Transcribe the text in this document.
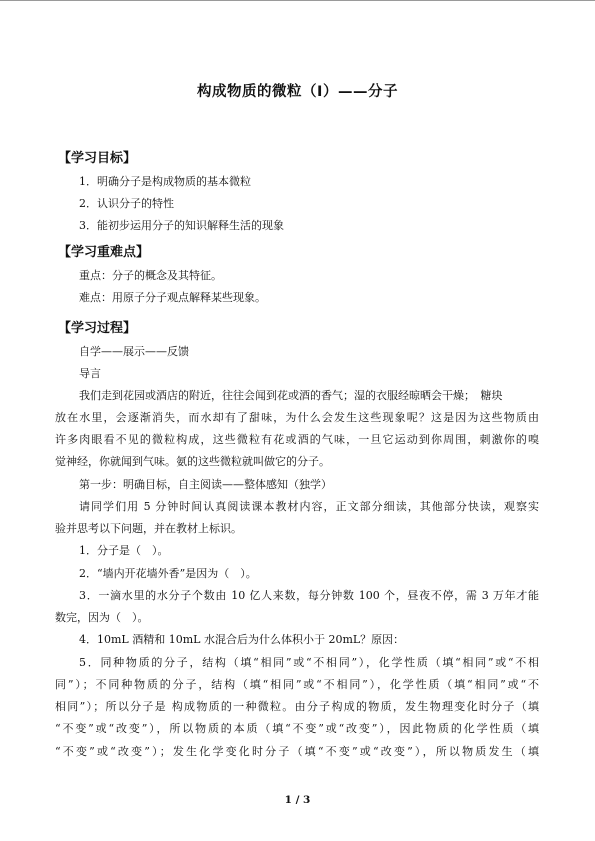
构成物质的微粒（Ⅰ）——分子
【学习目标】
1．明确分子是构成物质的基本微粒
2．认识分子的特性
3．能初步运用分子的知识解释生活的现象
【学习重难点】
重点：分子的概念及其特征。
难点：用原子分子观点解释某些现象。
【学习过程】
自学——展示——反馈
导言
我们走到花园或酒店的附近，往往会闻到花或酒的香气；湿的衣服经晾晒会干燥；　糖块
放在水里，会逐渐消失，而水却有了甜味，为什么会发生这些现象呢？这是因为这些物质由
许多肉眼看不见的微粒构成，这些微粒有花或酒的气味，一旦它运动到你周围，刺激你的嗅
觉神经，你就闻到气味。氨的这些微粒就叫做它的分子。
第一步：明确目标，自主阅读——整体感知（独学）
请同学们用 5 分钟时间认真阅读课本教材内容，正文部分细读，其他部分快读，观察实
验并思考以下问题，并在教材上标识。
1．分子是（　）。
2．“墙内开花墙外香”是因为（　）。
3．一滴水里的水分子个数由 10 亿人来数，每分钟数 100 个，昼夜不停，需 3 万年才能
数完，因为（　）。
4．10mL 酒精和 10mL 水混合后为什么体积小于 20mL？原因：
5．同种物质的分子，结构（填“相同”或“不相同”），化学性质（填“相同”或“不相
同”）；不同种物质的分子，结构（填“相同”或“不相同”），化学性质（填“相同”或“不
相同”）；所以分子是 构成物质的一种微粒。由分子构成的物质，发生物理变化时分子（填
“不变”或“改变”），所以物质的本质（填“不变”或“改变”），因此物质的化学性质（填
“不变”或“改变”）；发生化学变化时分子（填“不变”或“改变”），所以物质发生（填
1 / 3
